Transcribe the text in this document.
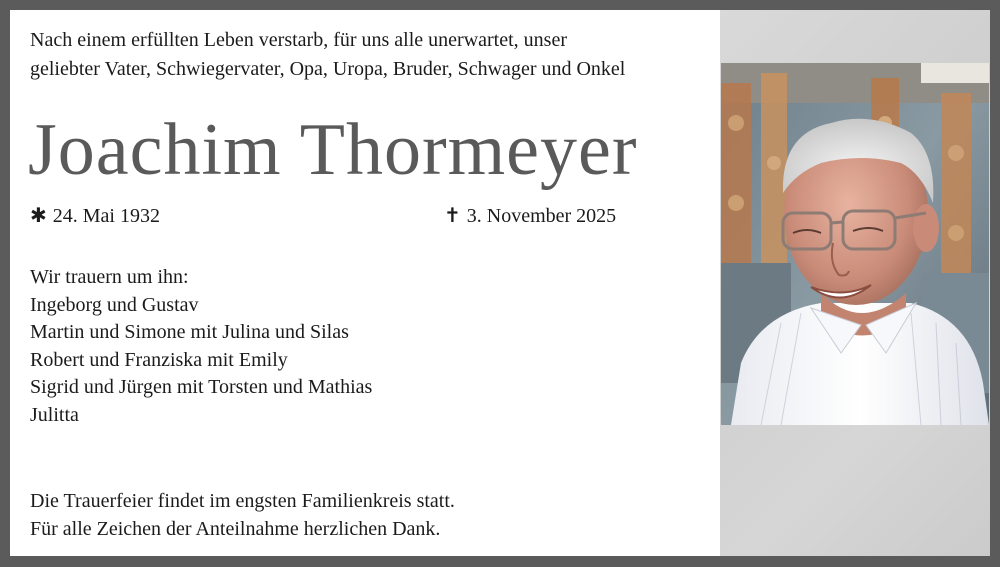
Nach einem erfüllten Leben verstarb, für uns alle unerwartet, unser
geliebter Vater, Schwiegervater, Opa, Uropa, Bruder, Schwager und Onkel
Joachim Thormeyer
✱ 24. Mai 1932	✝ 3. November 2025
Wir trauern um ihn:
Ingeborg und Gustav
Martin und Simone mit Julina und Silas
Robert und Franziska mit Emily
Sigrid und Jürgen mit Torsten und Mathias
Julitta
Die Trauerfeier findet im engsten Familienkreis statt.
Für alle Zeichen der Anteilnahme herzlichen Dank.
